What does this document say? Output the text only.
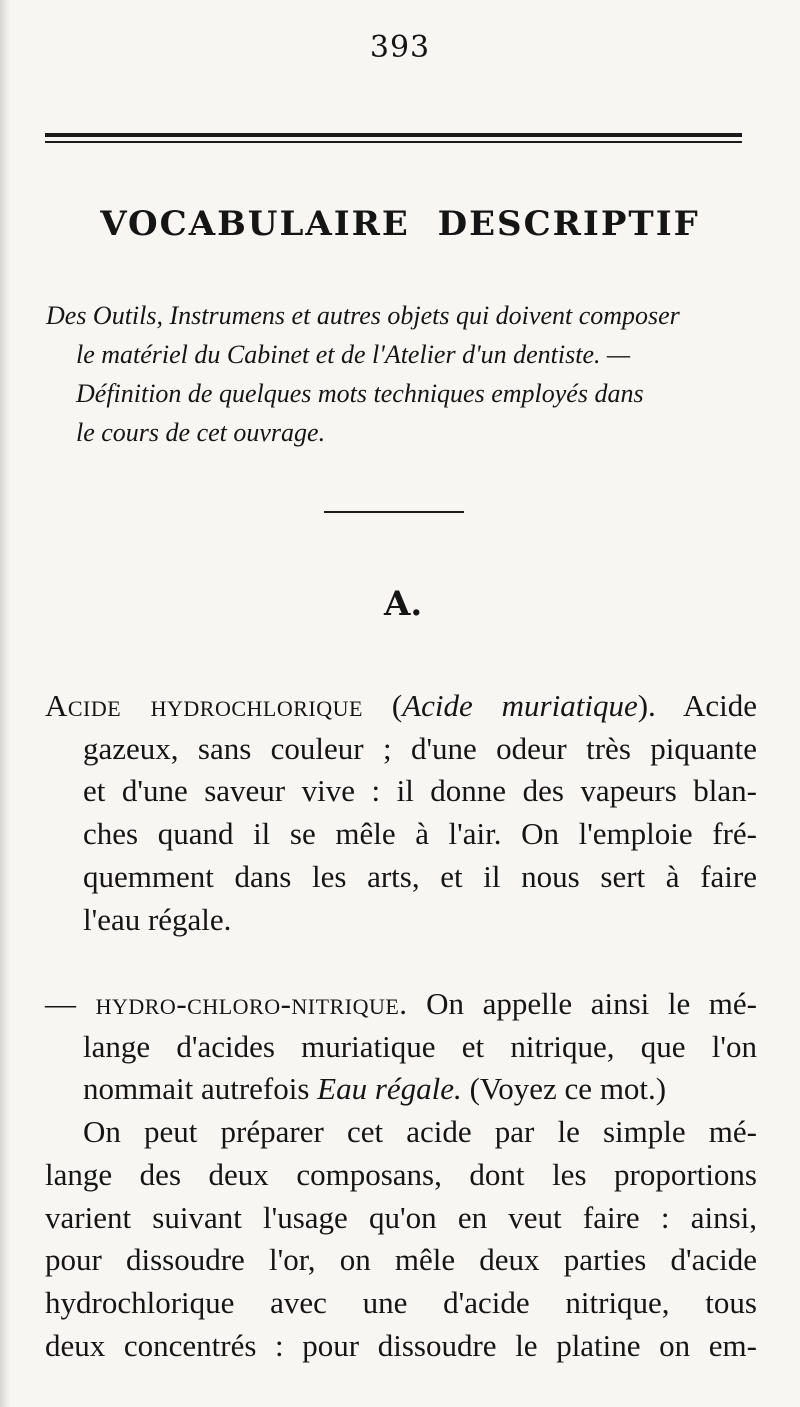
393
VOCABULAIRE DESCRIPTIF
Des Outils, Instrumens et autres objets qui doivent composer
le matériel du Cabinet et de l'Atelier d'un dentiste. —
Définition de quelques mots techniques employés dans
le cours de cet ouvrage.
A.
Acide hydrochlorique (Acide muriatique). Acide
gazeux, sans couleur ; d'une odeur très piquante
et d'une saveur vive : il donne des vapeurs blan-
ches quand il se mêle à l'air. On l'emploie fré-
quemment dans les arts, et il nous sert à faire
l'eau régale.
— hydro-chloro-nitrique. On appelle ainsi le mé-
lange d'acides muriatique et nitrique, que l'on
nommait autrefois Eau régale. (Voyez ce mot.)
On peut préparer cet acide par le simple mé-
lange des deux composans, dont les proportions
varient suivant l'usage qu'on en veut faire : ainsi,
pour dissoudre l'or, on mêle deux parties d'acide
hydrochlorique avec une d'acide nitrique, tous
deux concentrés : pour dissoudre le platine on em-
